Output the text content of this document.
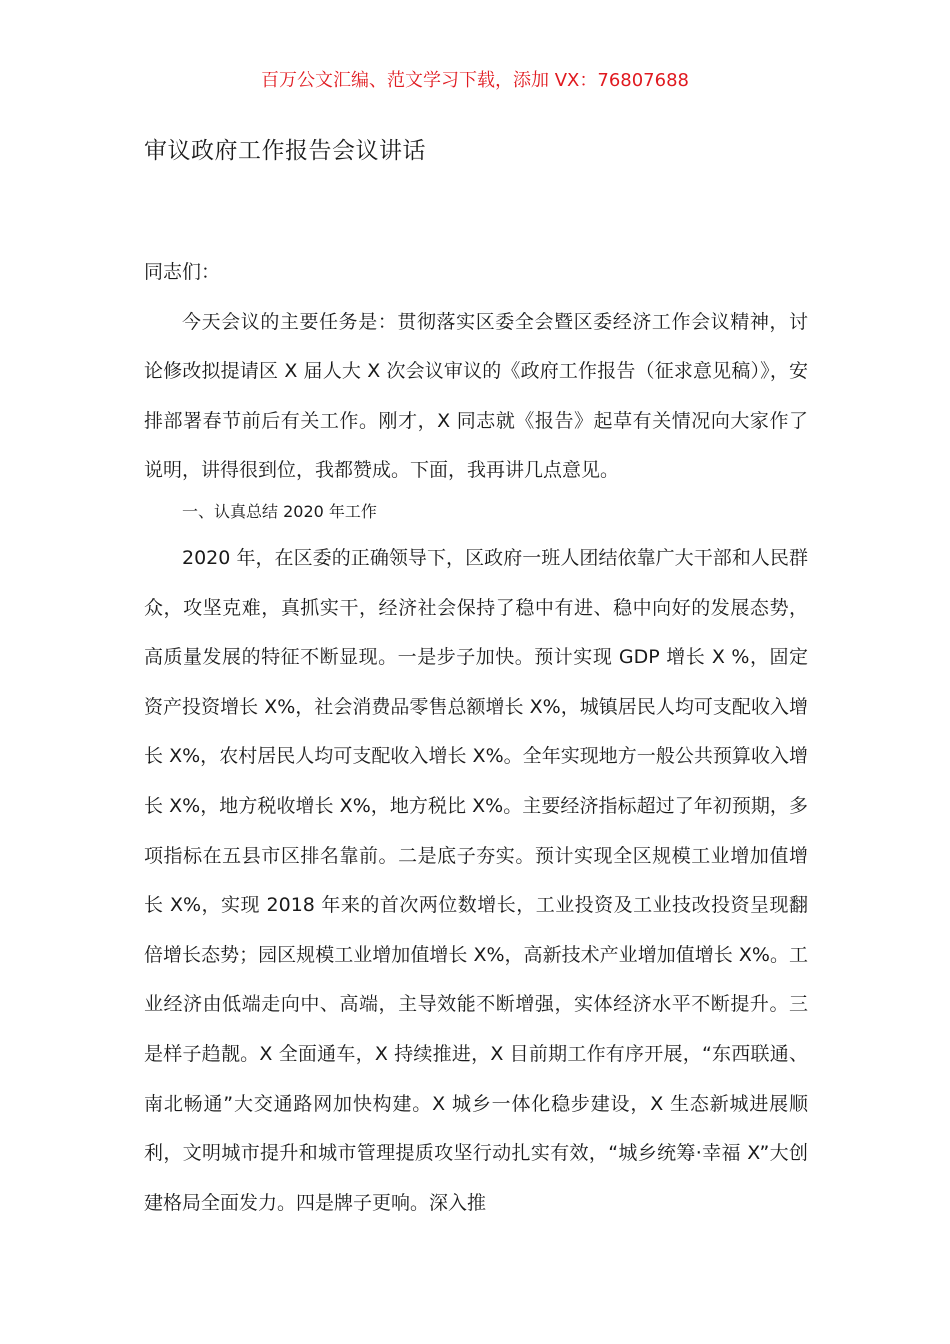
百万公文汇编、范文学习下载，添加 VX：76807688
审议政府工作报告会议讲话

同志们：

今天会议的主要任务是：贯彻落实区委全会暨区委经济工作会议精神，讨论修改拟提请区 X 届人大 X 次会议审议的《政府工作报告（征求意见稿）》，安排部署春节前后有关工作。刚才，X 同志就《报告》起草有关情况向大家作了说明，讲得很到位，我都赞成。下面，我再讲几点意见。

一、认真总结 2020 年工作

2020 年，在区委的正确领导下，区政府一班人团结依靠广大干部和人民群众，攻坚克难，真抓实干，经济社会保持了稳中有进、稳中向好的发展态势，高质量发展的特征不断显现。一是步子加快。预计实现 GDP 增长 X %，固定资产投资增长 X%，社会消费品零售总额增长 X%，城镇居民人均可支配收入增长 X%，农村居民人均可支配收入增长 X%。全年实现地方一般公共预算收入增长 X%，地方税收增长 X%，地方税比 X%。主要经济指标超过了年初预期，多项指标在五县市区排名靠前。二是底子夯实。预计实现全区规模工业增加值增长 X%，实现 2018 年来的首次两位数增长，工业投资及工业技改投资呈现翻倍增长态势；园区规模工业增加值增长 X%，高新技术产业增加值增长 X%。工业经济由低端走向中、高端，主导效能不断增强，实体经济水平不断提升。三是样子趋靓。X 全面通车，X 持续推进，X 目前期工作有序开展，“东西联通、南北畅通”大交通路网加快构建。X 城乡一体化稳步建设，X 生态新城进展顺利，文明城市提升和城市管理提质攻坚行动扎实有效，“城乡统筹·幸福 X”大创建格局全面发力。四是牌子更响。深入推
